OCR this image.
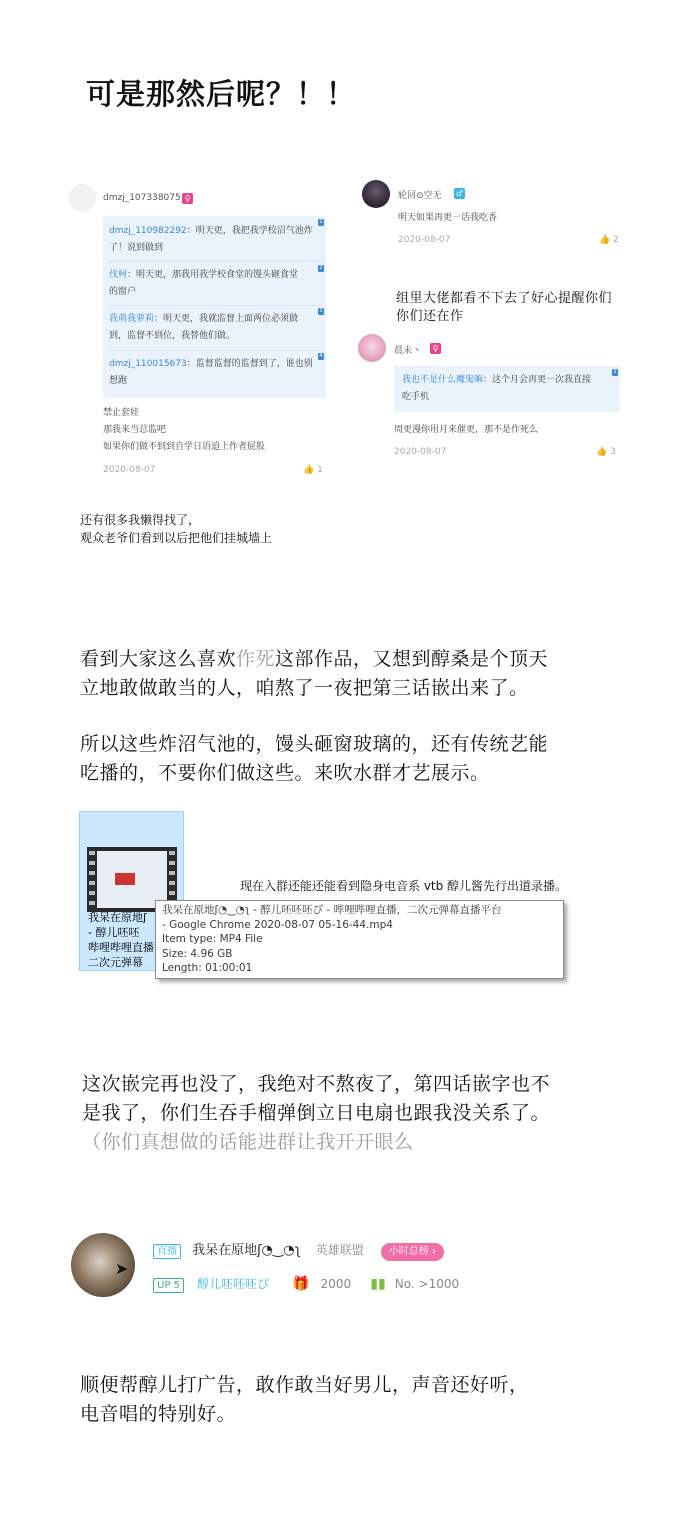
可是那然后呢？！！
dmzj_107338075 ♀
1
dmzj_110982292：明天更，我把我学校沼气池炸
了！说到做到
2
伐柯：明天更，那我用我学校食堂的馒头砸食堂
的窗户
3
我萌我萝莉：明天更，我就监督上面两位必须做
到，监督不到位，我替他们做。
4
dmzj_110015673：监督监督的监督到了，谁也别
想跑
禁止套娃
那我来当总监吧
如果你们做不到到自学日语追上作者屁股
2020-08-07	👍 1
轮回⊙空无 ♂
明天如果再更一话我吃香
2020-08-07	👍 2
组里大佬都看不下去了好心提醒你们
你们还在作
晨未丶	♀
1
我也不是什么魔鬼嘛：这个月会再更一次我直接
吃手机
周更漫你用月来催更，那不是作死么
2020-08-07	👍 3
还有很多我懒得找了，
观众老爷们看到以后把他们挂城墙上
看到大家这么喜欢作死这部作品，又想到醇桑是个顶天
立地敢做敢当的人，咱熬了一夜把第三话嵌出来了。
所以这些炸沼气池的，馒头砸窗玻璃的，还有传统艺能
吃播的，不要你们做这些。来吹水群才艺展示。
我呆在原地ʃ
- 醇儿呸呸
哔哩哔哩直播
二次元弹幕
现在入群还能还能看到隐身电音系 vtb 醇儿酱先行出道录播。
我呆在原地ʃ◔‿◔ʅ - 醇儿呸呸呸ぴ - 哔哩哔哩直播，二次元弹幕直播平台
- Google Chrome 2020-08-07 05-16-44.mp4
Item type: MP4 File
Size: 4.96 GB
Length: 01:00:01
这次嵌完再也没了，我绝对不熬夜了，第四话嵌字也不
是我了，你们生吞手榴弹倒立日电扇也跟我没关系了。
（你们真想做的话能进群让我开开眼么
➤
直播 我呆在原地ʃ◔‿◔ʅ 英雄联盟	小时总榜 ›
UP 5 醇儿呸呸呸ぴ 🎁 2000 ▮▮ No. >1000
顺便帮醇儿打广告，敢作敢当好男儿，声音还好听，
电音唱的特别好。
